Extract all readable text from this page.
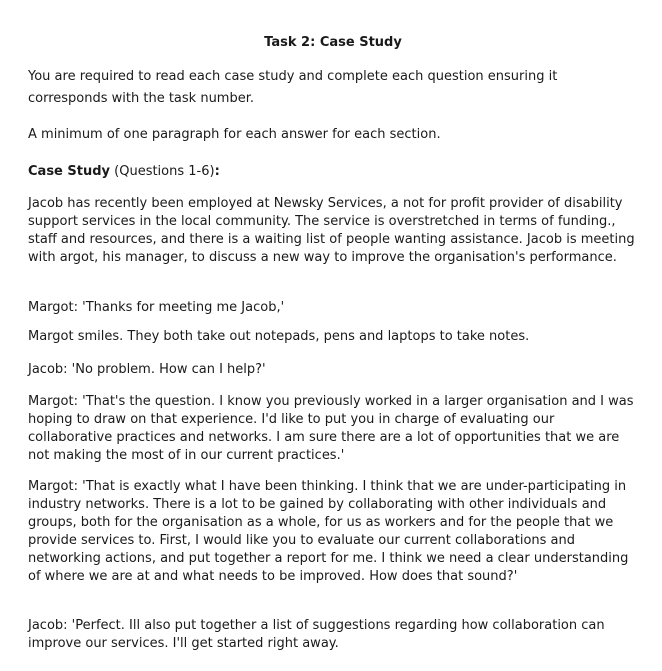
Task 2: Case Study

You are required to read each case study and complete each question ensuring it corresponds with the task number.

A minimum of one paragraph for each answer for each section.

Case Study (Questions 1-6):

Jacob has recently been employed at Newsky Services, a not for profit provider of disability support services in the local community. The service is overstretched in terms of funding., staff and resources, and there is a waiting list of people wanting assistance. Jacob is meeting with argot, his manager, to discuss a new way to improve the organisation's performance.

Margot: 'Thanks for meeting me Jacob,'

Margot smiles. They both take out notepads, pens and laptops to take notes.

Jacob: 'No problem. How can I help?'

Margot: 'That's the question. I know you previously worked in a larger organisation and I was hoping to draw on that experience. I'd like to put you in charge of evaluating our collaborative practices and networks. I am sure there are a lot of opportunities that we are not making the most of in our current practices.'

Margot: 'That is exactly what I have been thinking. I think that we are under-participating in industry networks. There is a lot to be gained by collaborating with other individuals and groups, both for the organisation as a whole, for us as workers and for the people that we provide services to. First, I would like you to evaluate our current collaborations and networking actions, and put together a report for me. I think we need a clear understanding of where we are at and what needs to be improved. How does that sound?'

Jacob: 'Perfect. Ill also put together a list of suggestions regarding how collaboration can improve our services. I'll get started right away.
